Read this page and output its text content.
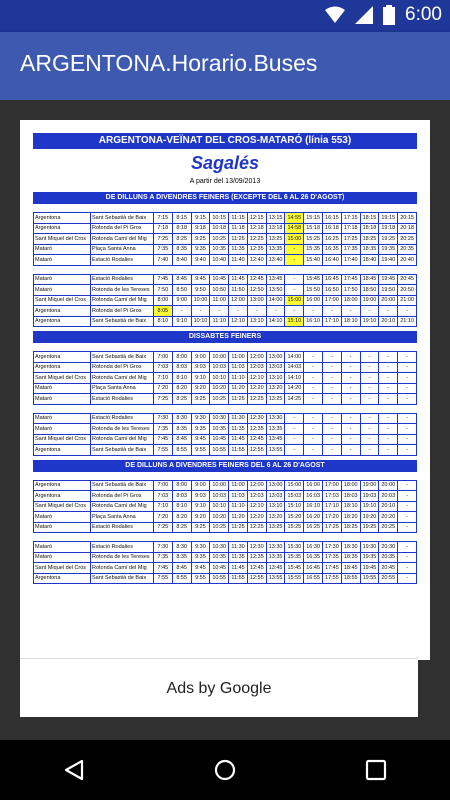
6:00
ARGENTONA.Horario.Buses
ARGENTONA-VEÏNAT DEL CROS-MATARÓ (línia 553)
Sagalés
A partir del 13/09/2013
DE DILLUNS A DIVENDRES FEINERS (EXCEPTE DEL 6 AL 26 D'AGOST)
Argentona	Sant Sebastià de Baix	7:15	8:15	9:15	10:15	11:15	12:15	13:15	14:55	15:15	16:15	17:15	18:15	19:15	20:15
Argentona	Rotonda del Pi Gros	7:18	8:18	9:18	10:18	11:18	12:18	13:18	14:58	15:18	16:18	17:18	18:18	19:18	20:18
Sant Miquel del Cros	Rotonda Camí del Mig	7:25	8:25	9:25	10:25	11:25	12:25	13:25	15:00	15:25	16:25	17:25	18:25	19:25	20:25
Mataró	Plaça Santa Anna	7:35	8:35	9:35	10:35	11:35	12:35	13:35	-	15:35	16:35	17:35	18:35	19:35	20:35
Mataró	Estació Rodalies	7:40	8:40	9:40	10:40	11:40	12:40	13:40	-	15:40	16:40	17:40	18:40	19:40	20:40
Mataró	Estació Rodalies	7:45	8:45	9:45	10:45	11:45	12:45	13:45	-	15:45	16:45	17:45	18:45	19:45	20:45
Mataró	Rotonda de les Tereses	7:50	8:50	9:50	10:50	11:50	12:50	13:50	-	15:50	16:50	17:50	18:50	19:50	20:50
Sant Miquel del Cros	Rotonda Camí del Mig	8:00	9:00	10:00	11:00	12:00	13:00	14:00	15:00	16:00	17:00	18:00	19:00	20:00	21:00
Argentona	Rotonda del Pi Gros	8:05	-	-	-	-	-	-	-	-	-	-	-	-	-
Argentona	Sant Sebastià de Baix	8:10	9:10	10:10	11:10	12:10	13:10	14:10	15:10	16:10	17:10	18:10	19:10	20:10	21:10
DISSABTES FEINERS
Argentona	Sant Sebastià de Baix	7:00	8:00	9:00	10:00	11:00	12:00	13:00	14:00	-	-	-	-	-	-
Argentona	Rotonda del Pi Gros	7:03	8:03	9:03	10:03	11:03	12:03	13:03	14:03	-	-	-	-	-	-
Sant Miquel del Cros	Rotonda Camí del Mig	7:10	8:10	9:10	10:10	11:10	12:10	13:10	14:10	-	-	-	-	-	-
Mataró	Plaça Santa Anna	7:20	8:20	9:20	10:20	11:20	12:20	13:20	14:20	-	-	-	-	-	-
Mataró	Estació Rodalies	7:25	8:25	9:25	10:25	11:25	12:25	13:25	14:25	-	-	-	-	-	-
Mataró	Estació Rodalies	7:30	8:30	9:30	10:30	11:30	12:30	13:30	-	-	-	-	-	-	-
Mataró	Rotonda de les Tereses	7:35	8:35	9:35	10:35	11:35	12:35	13:35	-	-	-	-	-	-	-
Sant Miquel del Cros	Rotonda Camí del Mig	7:45	8:45	9:45	10:45	11:45	12:45	13:45	-	-	-	-	-	-	-
Argentona	Sant Sebastià de Baix	7:55	8:55	9:55	10:55	11:55	12:55	13:55	-	-	-	-	-	-	-
DE DILLUNS A DIVENDRES FEINERS DEL 6 AL 26 D'AGOST
Argentona	Sant Sebastià de Baix	7:00	8:00	9:00	10:00	11:00	12:00	13:00	15:00	16:00	17:00	18:00	19:00	20:00	-
Argentona	Rotonda del Pi Gros	7:03	8:03	9:03	10:03	11:03	12:03	13:03	15:03	16:03	17:03	18:03	19:03	20:03	-
Sant Miquel del Cros	Rotonda Camí del Mig	7:10	8:10	9:10	10:10	11:10	12:10	13:10	15:10	16:10	17:10	18:10	19:10	20:10	-
Mataró	Plaça Santa Anna	7:20	8:20	9:20	10:20	11:20	12:20	13:20	15:20	16:20	17:20	18:20	19:20	20:20	-
Mataró	Estació Rodalies	7:25	8:25	9:25	10:25	11:25	12:25	13:25	15:25	16:25	17:25	18:25	19:25	20:25	-
Mataró	Estació Rodalies	7:30	8:30	9:30	10:30	11:30	12:30	13:30	15:30	16:30	17:30	18:30	19:30	20:30	-
Mataró	Rotonda de les Tereses	7:35	8:35	9:35	10:35	11:35	12:35	13:35	15:35	16:35	17:35	18:35	19:35	20:35	-
Sant Miquel del Cros	Rotonda Camí del Mig	7:45	8:45	9:45	10:45	11:45	12:45	13:45	15:45	16:45	17:45	18:45	19:45	20:45	-
Argentona	Sant Sebastià de Baix	7:55	8:55	9:55	10:55	11:55	12:55	13:55	15:55	16:55	17:55	18:55	19:55	20:55	-
Ads by Google
